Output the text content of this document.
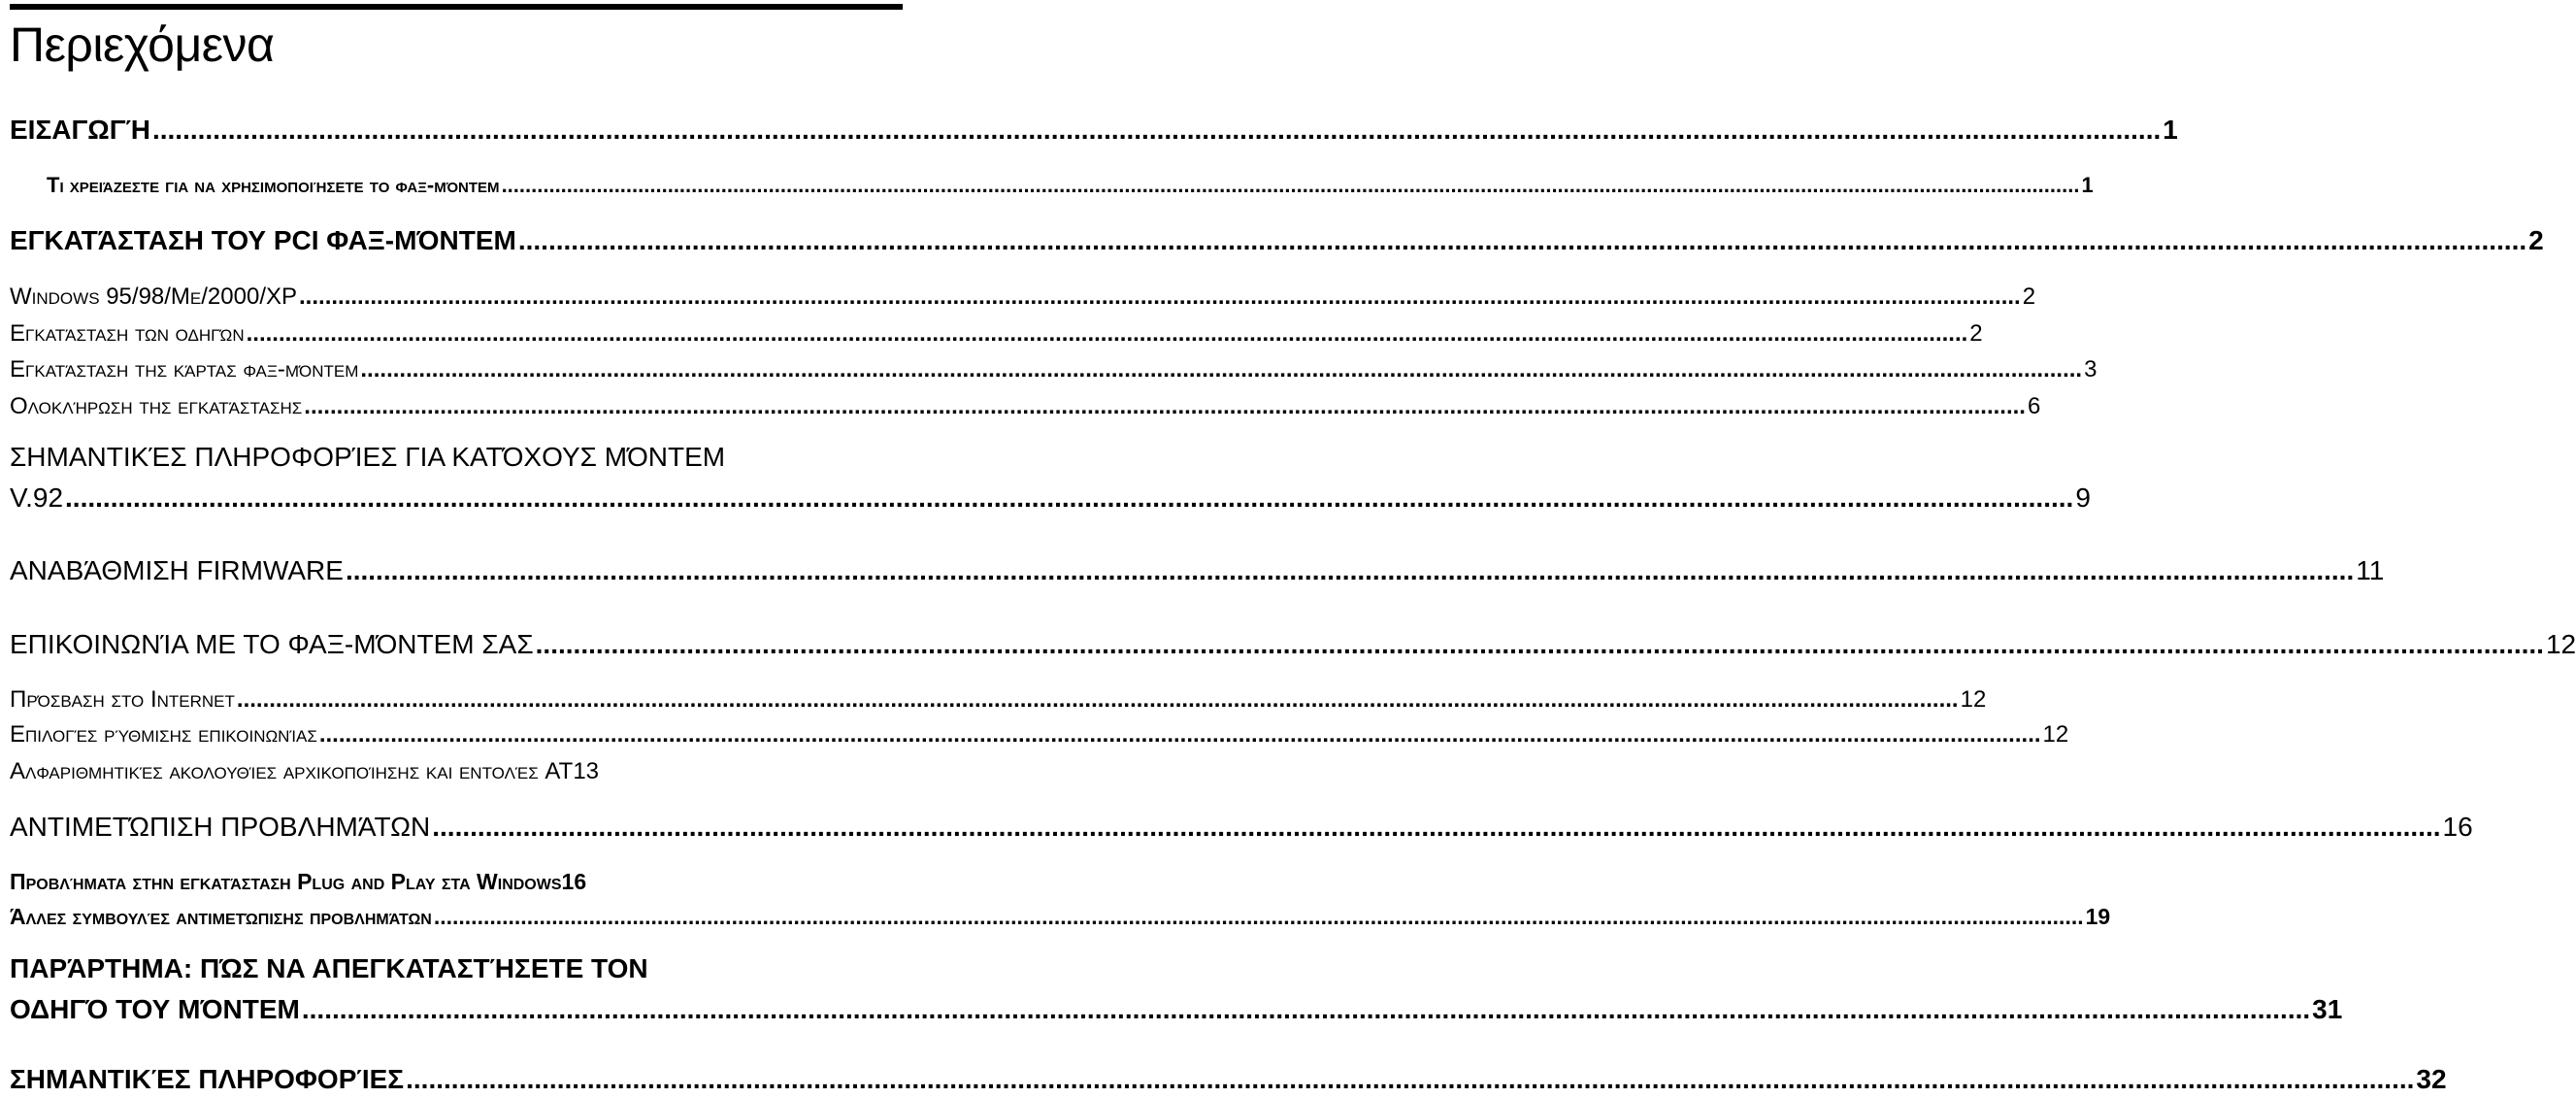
Περιεχόμενα
ΕΙΣΑΓΩΓΉ .......................................................................................................................................................................................................................................................................... 1
Τι χρειάζεστε για να χρησιμοποιήσετε το φαξ-μόντεμ .......................................................................................................................................................................................................................................................................... 1
ΕΓΚΑΤΆΣΤΑΣΗ ΤΟΥ PCI ΦΑΞ-ΜΌΝΤΕΜ .......................................................................................................................................................................................................................................................................... 2
Windows 95/98/Me/2000/XP .......................................................................................................................................................................................................................................................................... 2
Εγκατάσταση των οδηγών .......................................................................................................................................................................................................................................................................... 2
Εγκατάσταση της κάρτας φαξ-μόντεμ .......................................................................................................................................................................................................................................................................... 3
Ολοκλήρωση της εγκατάστασης .......................................................................................................................................................................................................................................................................... 6
ΣΗΜΑΝΤΙΚΈΣ ΠΛΗΡΟΦΟΡΊΕΣ ΓΙΑ ΚΑΤΌΧΟΥΣ ΜΌΝΤΕΜ
V.92 .......................................................................................................................................................................................................................................................................... 9
ΑΝΑΒΆΘΜΙΣΗ FIRMWARE .......................................................................................................................................................................................................................................................................... 11
ΕΠΙΚΟΙΝΩΝΊΑ ΜΕ ΤΟ ΦΑΞ-ΜΌΝΤΕΜ ΣΑΣ .......................................................................................................................................................................................................................................................................... 12
Πρόσβαση στο Internet .......................................................................................................................................................................................................................................................................... 12
Επιλογές ρύθμισης επικοινωνίας .......................................................................................................................................................................................................................................................................... 12
Αλφαριθμητικές ακολουθίες αρχικοποίησης και εντολές AT 13
ΑΝΤΙΜΕΤΏΠΙΣΗ ΠΡΟΒΛΗΜΆΤΩΝ .......................................................................................................................................................................................................................................................................... 16
Προβλήματα στην εγκατάσταση Plug and Play στα Windows 16
Άλλες συμβουλές αντιμετώπισης προβλημάτων .......................................................................................................................................................................................................................................................................... 19
ΠΑΡΆΡΤΗΜΑ: ΠΏΣ ΝΑ ΑΠΕΓΚΑΤΑΣΤΉΣΕΤΕ ΤΟΝ
ΟΔΗΓΌ ΤΟΥ ΜΌΝΤΕΜ .......................................................................................................................................................................................................................................................................... 31
ΣΗΜΑΝΤΙΚΈΣ ΠΛΗΡΟΦΟΡΊΕΣ .......................................................................................................................................................................................................................................................................... 32
